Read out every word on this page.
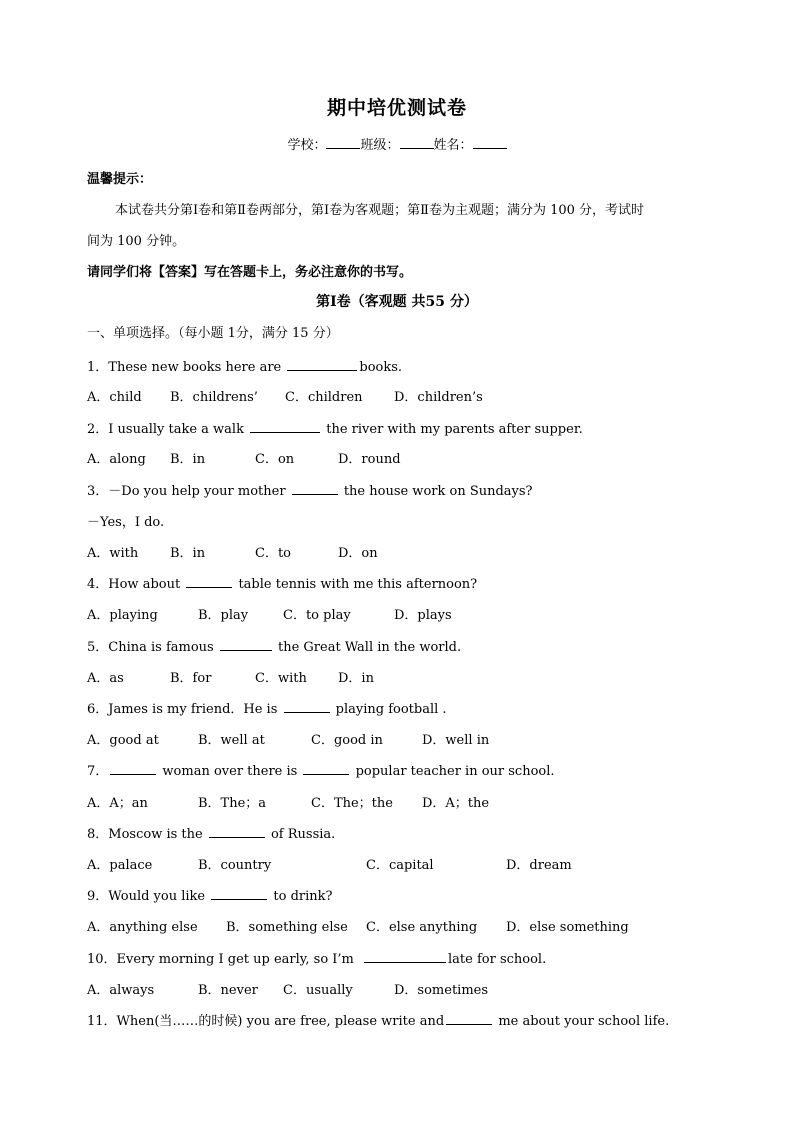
期中培优测试卷
学校：	班级：	姓名：
温馨提示：
本试卷共分第Ⅰ卷和第Ⅱ卷两部分，第Ⅰ卷为客观题；第Ⅱ卷为主观题；满分为 100 分，考试时
间为 100 分钟。
请同学们将【答案】写在答题卡上，务必注意你的书写。
第Ⅰ卷（客观题 共55 分）
一、单项选择。（每小题 1分，满分 15 分）
1．These new books here are	books.
A．child B．childrens’ C．children D．children’s
2．I usually take a walk	the river with my parents after supper.
A．along B．in	C．on	D．round
3．－Do you help your mother	the house work on Sundays?
－Yes，I do.
A．with B．in	C．to	D．on
4．How about	table tennis with me this afternoon?
A．playing	B．play	C．to play	D．plays
5．China is famous	the Great Wall in the world.
A．as	B．for	C．with D．in
6．James is my friend．He is	playing football .
A．good at	B．well at	C．good in	D．well in
7．	woman over there is	popular teacher in our school.
A．A；an	B．The；a	C．The；the D．A；the
8．Moscow is the	of Russia.
A．palace	B．country	C．capital	D．dream
9．Would you like	to drink?
A．anything else B．something else C．else anything D．else something
10．Every morning I get up early, so I’m	late for school.
A．always	B．never C．usually	D．sometimes
11．When(当……的时候) you are free, please write and	me about your school life.
